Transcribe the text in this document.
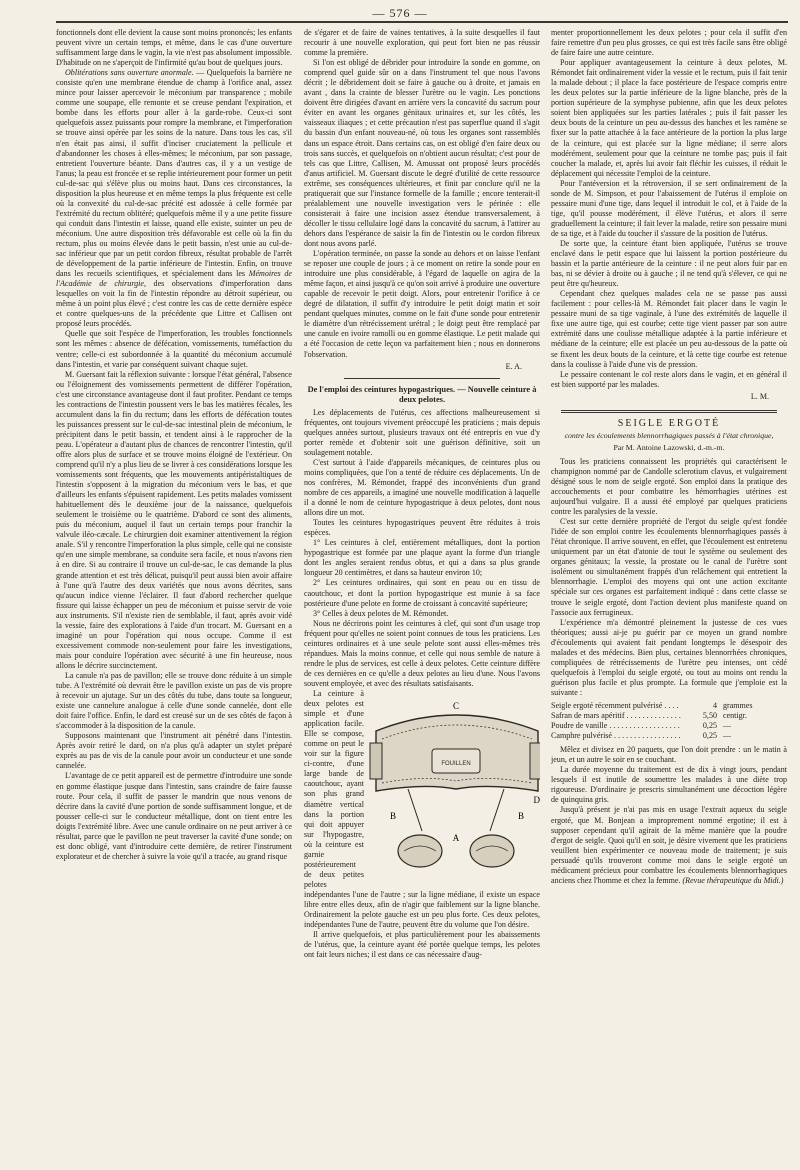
— 576 —

fonctionnels dont elle devient la cause sont moins prononcés; les enfants peuvent vivre un certain temps, et même, dans le cas d'une ouverture suffisamment large dans le vagin, la vie n'est pas absolument impossible. D'habitude on ne s'aperçoit de l'infirmité qu'au bout de quelques jours.

Oblitérations sans ouverture anormale. — Quelquefois la barrière ne consiste qu'en une membrane étendue de champ à l'orifice anal, assez mince pour laisser apercevoir le méconium par transparence ; mobile comme une soupape, elle remonte et se creuse pendant l'expiration, et bombe dans les efforts pour aller à la garde-robe. Ceux-ci sont quelquefois assez puissants pour rompre la membrane, et l'imperforation se trouve ainsi opérée par les soins de la nature. Dans tous les cas, s'il n'en était pas ainsi, il suffit d'inciser cruciatement la pellicule et d'abandonner les choses à elles-mêmes; le méconium, par son passage, entretient l'ouverture béante. Dans d'autres cas, il y a un vestige de l'anus; la peau est froncée et se replie intérieurement pour former un petit cul-de-sac qui s'élève plus ou moins haut. Dans ces circonstances, la disposition la plus heureuse et en même temps la plus fréquente est celle où la convexité du cul-de-sac précité est adossée à celle formée par l'extrémité du rectum oblitéré; quelquefois même il y a une petite fissure qui conduit dans l'intestin et laisse, quand elle existe, suinter un peu de méconium. Une autre disposition très défavorable est celle où la fin du rectum, plus ou moins élevée dans le petit bassin, n'est unie au cul-de-sac inférieur que par un petit cordon fibreux, résultat probable de l'arrêt de développement de la partie inférieure de l'intestin. Enfin, on trouve dans les recueils scientifiques, et spécialement dans les Mémoires de l'Académie de chirurgie, des observations d'imperforation dans lesquelles on voit la fin de l'intestin répondre au détroit supérieur, ou même à un point plus élevé ; c'est contre les cas de cette dernière espèce et contre quelques-uns de la précédente que Littre et Callisen ont proposé leurs procédés.

Quelle que soit l'espèce de l'imperforation, les troubles fonctionnels sont les mêmes : absence de défécation, vomissements, tuméfaction du ventre; celle-ci est subordonnée à la quantité du méconium accumulé dans l'intestin, et varie par conséquent suivant chaque sujet.

M. Guersant fait la réflexion suivante : lorsque l'état général, l'absence ou l'éloignement des vomissements permettent de différer l'opération, c'est une circonstance avantageuse dont il faut profiter. Pendant ce temps les contractions de l'intestin poussent vers le bas les matières fécales, les accumulent dans la fin du rectum; dans les efforts de défécation toutes les puissances pressent sur le cul-de-sac intestinal plein de méconium, le précipitent dans le petit bassin, et tendent ainsi à le rapprocher de la peau. L'opérateur a d'autant plus de chances de rencontrer l'intestin, qu'il offre alors plus de surface et se trouve moins éloigné de l'extérieur. On comprend qu'il n'y a plus lieu de se livrer à ces considérations lorsque les vomissements sont fréquents, que les mouvements antipéristaltiques de l'intestin s'opposent à la migration du méconium vers le bas, et que d'ailleurs les enfants s'épuisent rapidement. Les petits malades vomissent habituellement dès le deuxième jour de la naissance, quelquefois seulement le troisième ou le quatrième. D'abord ce sont des aliments, puis du méconium, auquel il faut un certain temps pour franchir la valvule iléo-cæcale. Le chirurgien doit examiner attentivement la région anale. S'il y rencontre l'imperforation la plus simple, celle qui ne consiste qu'en une simple membrane, sa conduite sera facile, et nous n'avons rien à en dire. Si au contraire il trouve un cul-de-sac, le cas demande la plus grande attention et est très délicat, puisqu'il peut aussi bien avoir affaire à l'une qu'à l'autre des deux variétés que nous avons décrites, sans qu'aucun indice vienne l'éclairer. Il faut d'abord rechercher quelque fissure qui laisse échapper un peu de méconium et puisse servir de voie aux instruments. S'il n'existe rien de semblable, il faut, après avoir vidé la vessie, faire des explorations à l'aide d'un trocart. M. Guersant en a imaginé un pour l'opération qui nous occupe. Comme il est excessivement commode non-seulement pour faire les investigations, mais pour conduire l'opération avec sécurité à une fin heureuse, nous allons le décrire succinctement.

La canule n'a pas de pavillon; elle se trouve donc réduite à un simple tube. A l'extrémité où devrait être le pavillon existe un pas de vis propre à recevoir un ajutage. Sur un des côtés du tube, dans toute sa longueur, existe une cannelure analogue à celle d'une sonde cannelée, dont elle doit faire l'office. Enfin, le dard est creusé sur un de ses côtés de façon à s'accommoder à la disposition de la canule.

Supposons maintenant que l'instrument ait pénétré dans l'intestin. Après avoir retiré le dard, on n'a plus qu'à adapter un stylet préparé exprès au pas de vis de la canule pour avoir un conducteur et une sonde cannelée.

L'avantage de ce petit appareil est de permettre d'introduire une sonde en gomme élastique jusque dans l'intestin, sans craindre de faire fausse route. Pour cela, il suffit de passer le mandrin que nous venons de décrire dans la cavité d'une portion de sonde suffisamment longue, et de pousser celle-ci sur le conducteur métallique, dont on tient entre les doigts l'extrémité libre. Avec une canule ordinaire on ne peut arriver à ce résultat, parce que le pavillon ne peut traverser la cavité d'une sonde; on est donc obligé, vant d'introduire cette dernière, de retirer l'instrument explorateur et de chercher à suivre la voie qu'il a tracée, au grand risque

de s'égarer et de faire de vaines tentatives, à la suite desquelles il faut recourir à une nouvelle exploration, qui peut fort bien ne pas réussir comme la première.

Si l'on est obligé de débrider pour introduire la sonde en gomme, on comprend quel guide sûr on a dans l'instrument tel que nous l'avons décrit ; le débridement doit se faire à gauche ou à droite, et jamais en avant , dans la crainte de blesser l'urètre ou le vagin. Les ponctions doivent être dirigées d'avant en arrière vers la concavité du sacrum pour éviter en avant les organes génitaux urinaires et, sur les côtés, les vaisseaux iliaques ; et cette précaution n'est pas superflue quand il s'agit du bassin d'un enfant nouveau-né, où tous les organes sont rassemblés dans un espace étroit. Dans certains cas, on est obligé d'en faire deux ou trois sans succès, et quelquefois on n'obtient aucun résultat; c'est pour de tels cas que Littre, Callisen, M. Amussat ont proposé leurs procédés d'anus artificiel. M. Guersant discute le degré d'utilité de cette ressource extrême, ses conséquences ultérieures, et finit par conclure qu'il ne la pratiquerait que sur l'instance formelle de la famille ; encore tenterait-il préalablement une nouvelle investigation vers le périnée : elle consisterait à faire une incision assez étendue transversalement, à décoller le tissu cellulaire logé dans la concavité du sacrum, à l'attirer au dehors dans l'espérance de saisir la fin de l'intestin ou le cordon fibreux dont nous avons parlé.

L'opération terminée, on passe la sonde au dehors et on laisse l'enfant se reposer une couple de jours ; à ce moment on retire la sonde pour en introduire une plus considérable, à l'égard de laquelle on agira de la même façon, et ainsi jusqu'à ce qu'on soit arrivé à produire une ouverture capable de recevoir le petit doigt. Alors, pour entretenir l'orifice à ce degré de dilatation, il suffit d'y introduire le petit doigt matin et soir pendant quelques minutes, comme on le fait d'une sonde pour entretenir le diamètre d'un rétrécissement urétral ; le doigt peut être remplacé par une canule en ivoire ramolli ou en gomme élastique. Le petit malade qui a été l'occasion de cette leçon va parfaitement bien ; nous en donnerons l'observation.

E. A.
De l'emploi des ceintures hypogastriques. — Nouvelle ceinture à deux pelotes.

Les déplacements de l'utérus, ces affections malheureusement si fréquentes, ont toujours vivement préoccupé les praticiens ; mais depuis quelques années surtout, plusieurs travaux ont été entrepris en vue d'y porter remède et d'obtenir soit une guérison définitive, soit un soulagement notable.

C'est surtout à l'aide d'appareils mécaniques, de ceintures plus ou moins compliquées, que l'on a tenté de réduire ces déplacements. Un de nos confrères, M. Rémondet, frappé des inconvénients d'un grand nombre de ces appareils, a imaginé une nouvelle modification à laquelle il a donné le nom de ceinture hypogastrique à deux pelotes, dont nous allons dire un mot.

Toutes les ceintures hypogastriques peuvent être réduites à trois espèces.

1° Les ceintures à clef, entièrement métalliques, dont la portion hypogastrique est formée par une plaque ayant la forme d'un triangle dont les angles seraient rendus obtus, et qui a dans sa plus grande longueur 20 centimètres, et dans sa hauteur environ 10;

2° Les ceintures ordinaires, qui sont en peau ou en tissu de caoutchouc, et dont la portion hypogastrique est munie à sa face postérieure d'une pelote en forme de croissant à concavité supérieure;

3° Celles à deux pelotes de M. Rémondet.

Nous ne décrirons point les ceintures à clef, qui sont d'un usage trop fréquent pour qu'elles ne soient point connues de tous les praticiens. Les ceintures ordinaires et à une seule pelote sont aussi elles-mêmes très répandues. Mais la moins connue, et celle qui nous semble de nature à rendre le plus de services, est celle à deux pelotes. Cette ceinture diffère de ces dernières en ce qu'elle a deux pelotes au lieu d'une. Nous l'avons souvent employée, et avec des résultats satisfaisants.

FOUILLEN
C
D
B
A
B

La ceinture à deux pelotes est simple et d'une application facile. Elle se compose, comme on peut le voir sur la figure ci-contre, d'une large bande de caoutchouc, ayant son plus grand diamètre vertical dans la portion qui doit appuyer sur l'hypogastre, où la ceinture est garnie postérieurement de deux petites pelotes indépendantes l'une de l'autre ; sur la ligne médiane, il existe un espace libre entre elles deux, afin de n'agir que faiblement sur la ligne blanche. Ordinairement la pelote gauche est un peu plus forte. Ces deux pelotes, indépendantes l'une de l'autre, peuvent être du volume que l'on désire.

Il arrive quelquefois, et plus particulièrement pour les abaissements de l'utérus, que, la ceinture ayant été portée quelque temps, les pelotes ont fait leurs niches; il est dans ce cas nécessaire d'aug-

menter proportionnellement les deux pelotes ; pour cela il suffit d'en faire remettre d'un peu plus grosses, ce qui est très facile sans être obligé de faire faire une autre ceinture.

Pour appliquer avantageusement la ceinture à deux pelotes, M. Rémondet fait ordinairement vider la vessie et le rectum, puis il fait tenir la malade debout ; il place la face postérieure de l'espace compris entre les deux pelotes sur la partie inférieure de la ligne blanche, près de la portion supérieure de la symphyse pubienne, afin que les deux pelotes soient bien appliquées sur les parties latérales ; puis il fait passer les deux bouts de la ceinture un peu au-dessus des hanches et les ramène se fixer sur la patte attachée à la face antérieure de la portion la plus large de la ceinture, qui est placée sur la ligne médiane; il serre alors modérément, seulement pour que la ceinture ne tombe pas; puis il fait coucher la malade, et, après lui avoir fait fléchir les cuisses, il réduit le déplacement qui nécessite l'emploi de la ceinture.

Pour l'antéversion et la rétroversion, il se sert ordinairement de la sonde de M. Simpson, et pour l'abaissement de l'utérus il emploie on pessaire muni d'une tige, dans lequel il introduit le col, et à l'aide de la tige, qu'il pousse modérément, il élève l'utérus, et alors il serre graduellement la ceinture; il fait lever la malade, retire son pessaire muni de sa tige, et à l'aide du toucher il s'assure de la position de l'utérus.

De sorte que, la ceinture étant bien appliquée, l'utérus se trouve enclavé dans le petit espace que lui laissent la portion postérieure du bassin et la partie antérieure de la ceinture : il ne peut alors fuir par en bas, ni se dévier à droite ou à gauche ; il ne tend qu'à s'élever, ce qui ne peut être qu'heureux.

Cependant chez quelques malades cela ne se passe pas aussi facilement : pour celles-là M. Rémondet fait placer dans le vagin le pessaire muni de sa tige vaginale, à l'une des extrémités de laquelle il fixe une autre tige, qui est courbe; cette tige vient passer par son autre extrémité dans une coulisse métallique adaptée à la partie inférieure et médiane de la ceinture; elle est placée un peu au-dessous de la patte où se fixent les deux bouts de la ceinture, et là cette tige courbe est retenue dans la coulisse à l'aide d'une vis de pression.

Le pessaire contenant le col reste alors dans le vagin, et en général il est bien supporté par les malades.

L. M.
SEIGLE ERGOTÉ
contre les écoulements blennorrhagiques passés à l'état chronique,
Par M. Antoine Lazowski, d.-m.-m.

Tous les praticiens connaissent les propriétés qui caractérisent le champignon nommé par de Candolle sclerotium clavus, et vulgairement désigné sous le nom de seigle ergoté. Son emploi dans la pratique des accouchements et pour combattre les hémorrhagies utérines est aujourd'hui vulgaire. Il a aussi été employé par quelques praticiens contre les paralysies de la vessie.

C'est sur cette dernière propriété de l'ergot du seigle qu'est fondée l'idée de son emploi contre les écoulements blennorrhagiques passés à l'état chronique. Il arrive souvent, en effet, que l'écoulement est entretenu uniquement par un état d'atonie de tout le système ou seulement des organes génitaux; la vessie, la prostate ou le canal de l'urètre sont isolément ou simultanément frappés d'un relâchement qui entretient la blennorrhagie. L'emploi des moyens qui ont une action excitante spéciale sur ces organes est parfaitement indiqué : dans cette classe se trouve le seigle ergoté, dont l'action devient plus manifeste quand on l'associe aux ferrugineux.

L'expérience m'a démontré pleinement la justesse de ces vues théoriques; aussi ai-je pu guérir par ce moyen un grand nombre d'écoulements qui avaient fait pendant longtemps le désespoir des malades et des médecins. Bien plus, certaines blennorrhées chroniques, compliquées de rétrécissements de l'urètre peu intenses, ont cédé quelquefois à l'emploi du seigle ergoté, ou tout au moins ont rendu la guérison plus facile et plus prompte. La formule que j'emploie est la suivante :

Seigle ergoté récemment pulvérisé . . .	4 grammes
Safran de mars apéritif . . .	5,50 centigr.
Poudre de vanille . . .	0,25 —
Camphre pulvérisé . . .	0,25 —

Mêlez et divisez en 20 paquets, que l'on doit prendre : un le matin à jeun, et un autre le soir en se couchant.

La durée moyenne du traitement est de dix à vingt jours, pendant lesquels il est inutile de soumettre les malades à une diète trop rigoureuse. D'ordinaire je prescris simultanément une décoction légère de quinquina gris.

Jusqu'à présent je n'ai pas mis en usage l'extrait aqueux du seigle ergoté, que M. Bonjean a improprement nommé ergotine; il est à supposer cependant qu'il agirait de la même manière que la poudre d'ergot de seigle. Quoi qu'il en soit, je désire vivement que les praticiens veuillent bien expérimenter ce nouveau mode de traitement; je suis persuadé qu'ils trouveront comme moi dans le seigle ergoté un médicament précieux pour combattre les écoulements blennorrhagiques anciens chez l'homme et chez la femme. (Revue thérapeutique du Midi.)
